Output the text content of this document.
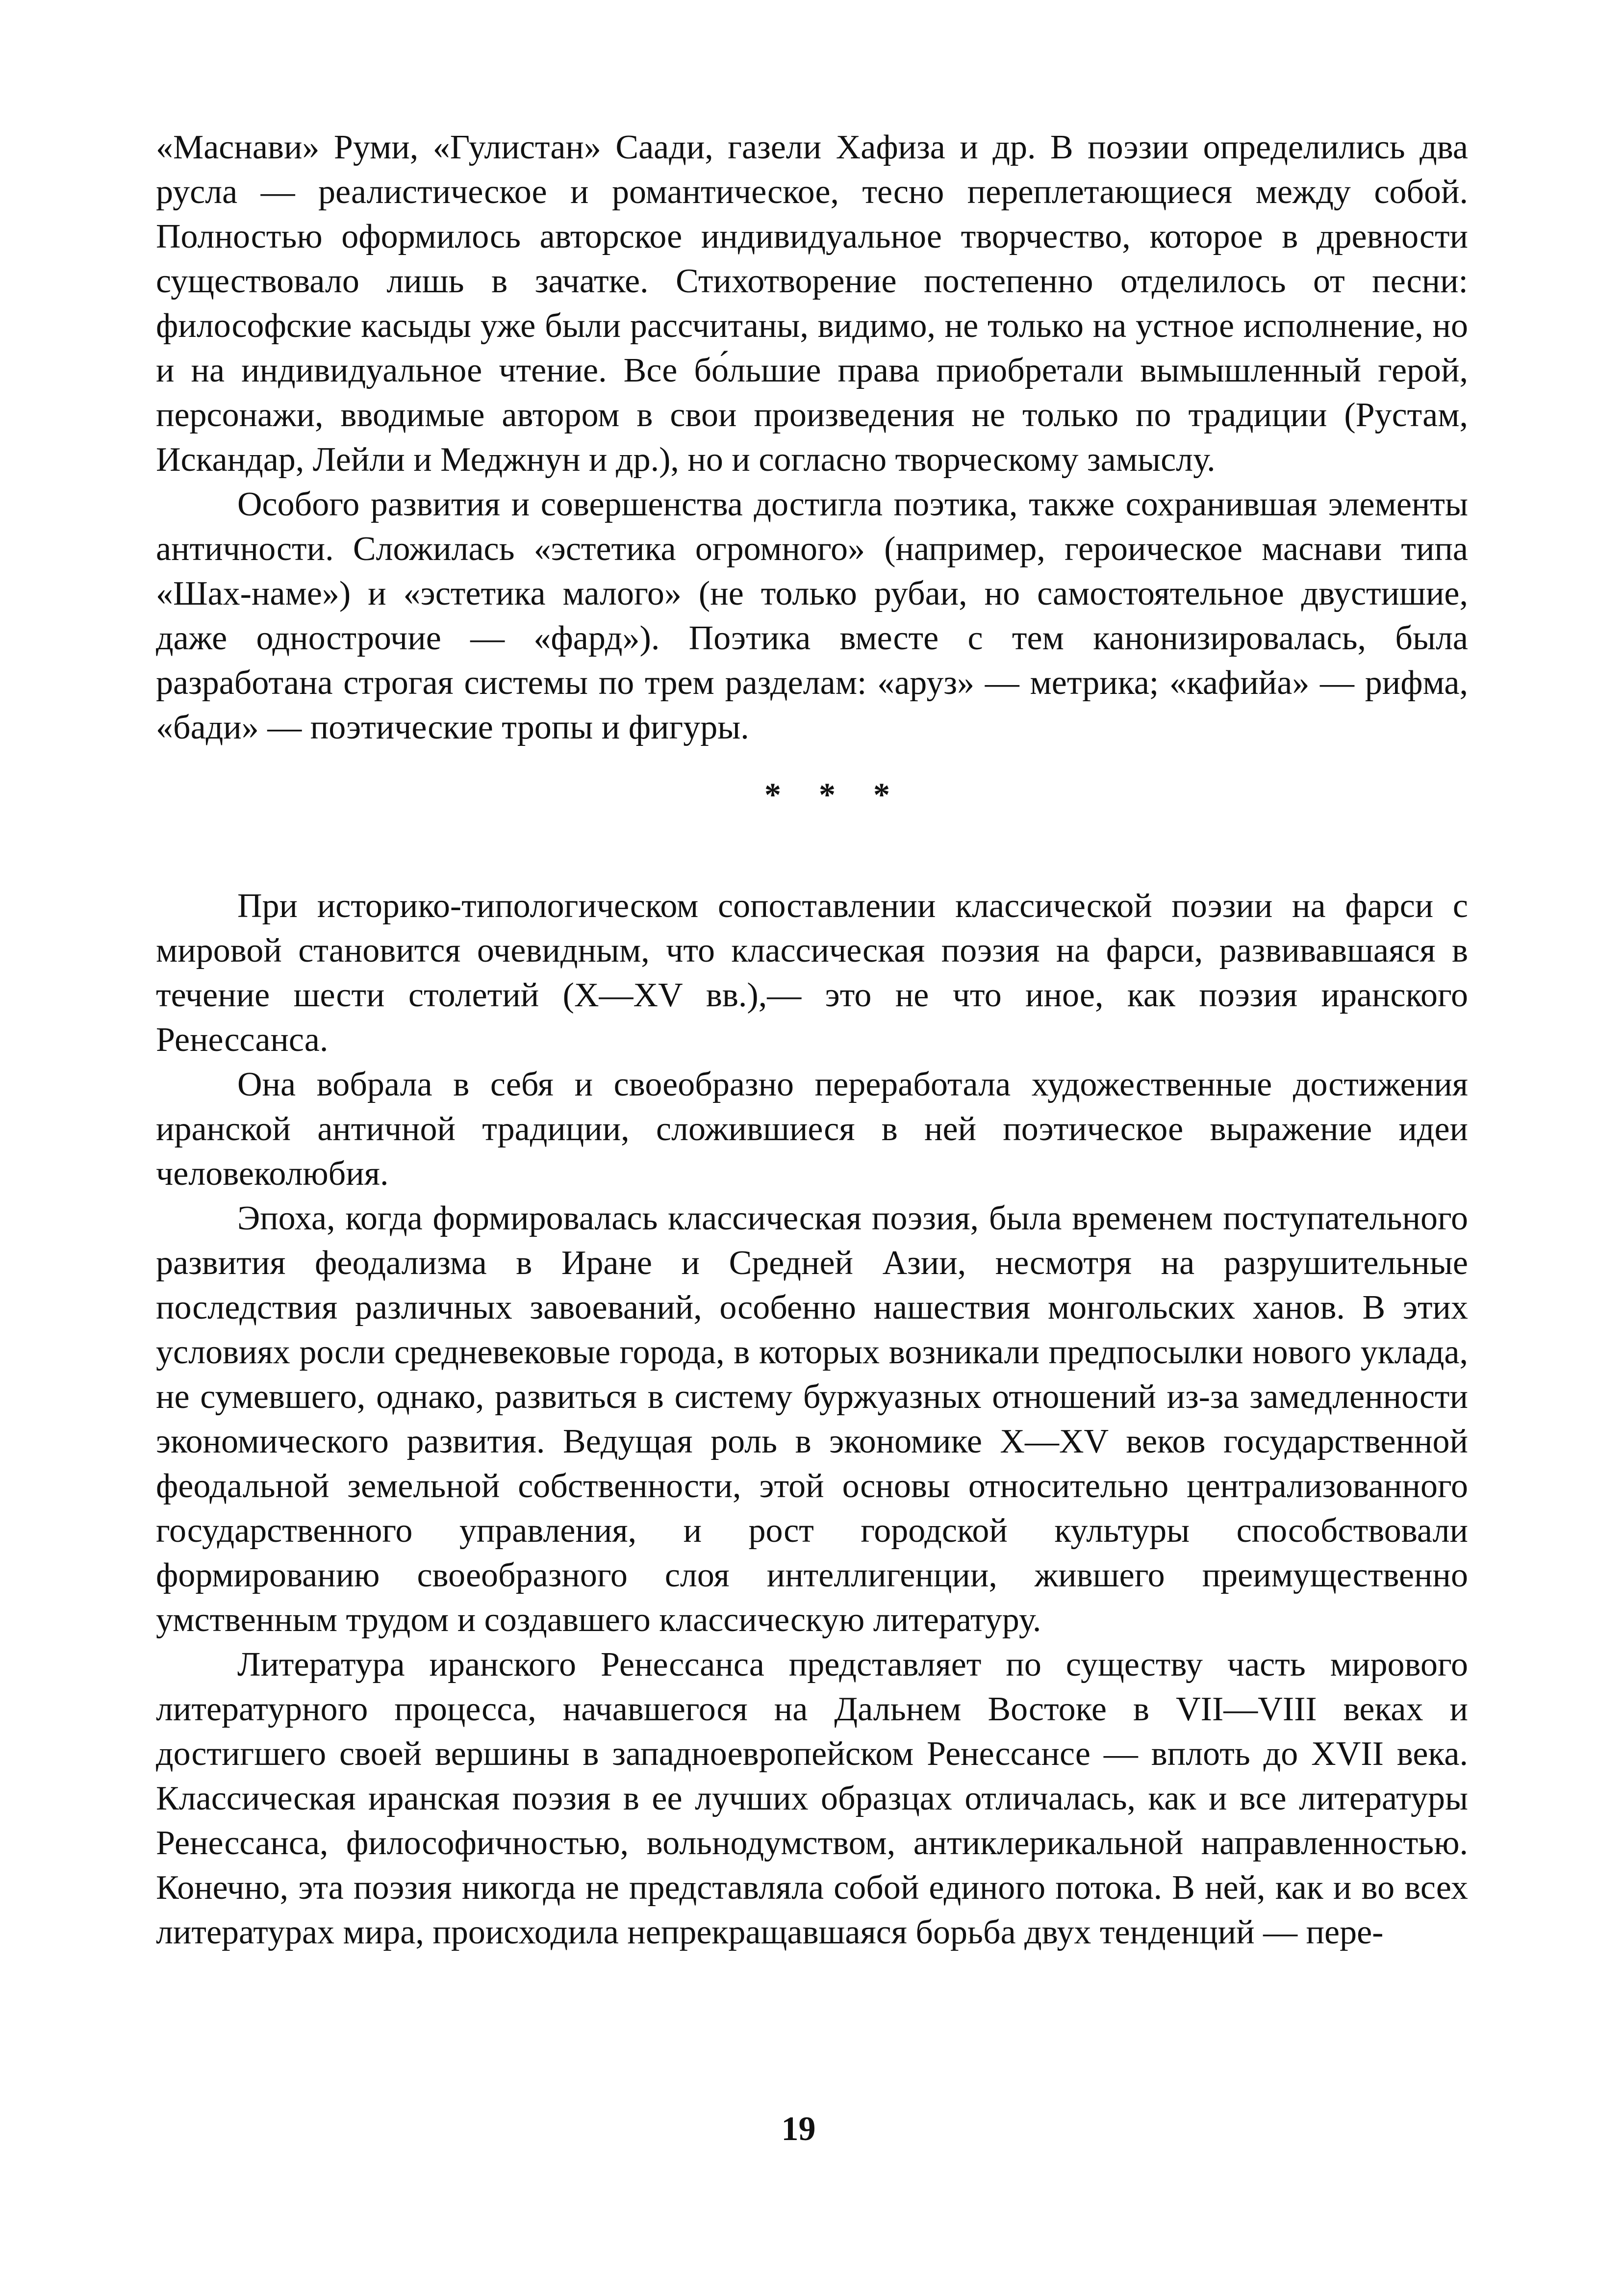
«Маснави» Руми, «Гулистан» Саади, газели Хафиза и др. В поэзии определились два русла — реалистическое и романтическое, тесно переплетающиеся между собой. Полностью оформилось авторское индивидуальное творчество, которое в древности существовало лишь в зачатке. Стихотворение постепенно отделилось от песни: философские касыды уже были рассчитаны, видимо, не только на устное исполнение, но и на индивидуальное чтение. Все бо́льшие права приобретали вымышленный герой, персонажи, вводимые автором в свои произведения не только по традиции (Рустам, Искандар, Лейли и Меджнун и др.), но и согласно творческому замыслу.

Особого развития и совершенства достигла поэтика, также сохранившая элементы античности. Сложилась «эстетика огромного» (например, героическое маснави типа «Шах-наме») и «эстетика малого» (не только рубаи, но самостоятельное двустишие, даже однострочие — «фард»). Поэтика вместе с тем канонизировалась, была разработана строгая системы по трем разделам: «аруз» — метрика; «кафийа» — рифма, «бади» — поэтические тропы и фигуры.

* * *

При историко-типологическом сопоставлении классической поэзии на фарси с мировой становится очевидным, что классическая поэзия на фарси, развивавшаяся в течение шести столетий (X—XV вв.),— это не что иное, как поэзия иранского Ренессанса.

Она вобрала в себя и своеобразно переработала художественные достижения иранской античной традиции, сложившиеся в ней поэтическое выражение идеи человеколюбия.

Эпоха, когда формировалась классическая поэзия, была временем поступательного развития феодализма в Иране и Средней Азии, несмотря на разрушительные последствия различных завоеваний, особенно нашествия монгольских ханов. В этих условиях росли средневековые города, в которых возникали предпосылки нового уклада, не сумевшего, однако, развиться в систему буржуазных отношений из-за замедленности экономического развития. Ведущая роль в экономике X—XV веков государственной феодальной земельной собственности, этой основы относительно централизованного государственного управления, и рост городской культуры способствовали формированию своеобразного слоя интеллигенции, жившего преимущественно умственным трудом и создавшего классическую литературу.

Литература иранского Ренессанса представляет по существу часть мирового литературного процесса, начавшегося на Дальнем Востоке в VII—VIII веках и достигшего своей вершины в западноевропейском Ренессансе — вплоть до XVII века. Классическая иранская поэзия в ее лучших образцах отличалась, как и все литературы Ренессанса, философичностью, вольнодумством, антиклерикальной направленностью. Конечно, эта поэзия никогда не представляла собой единого потока. В ней, как и во всех литературах мира, происходила непрекращавшаяся борьба двух тенденций — пере-

19
